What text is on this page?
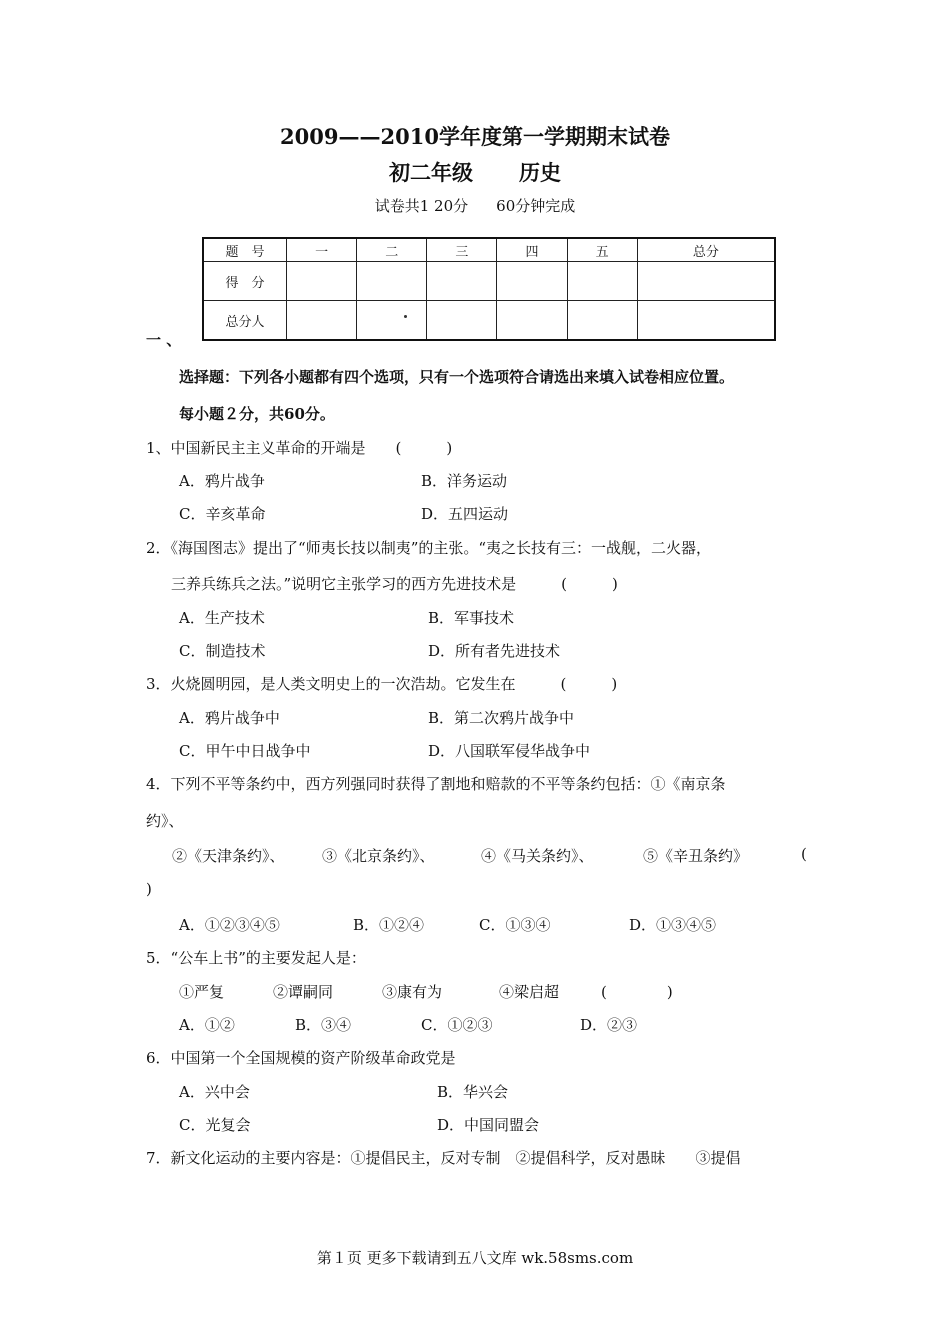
2009——2010学年度第一学期期末试卷
初二年级 历史
试卷共1 20分 60分钟完成
题　号	一	二	三	四	五	总分
得　分						
总分人						
一 、
选择题：下列各小题都有四个选项，只有一个选项符合请选出来填入试卷相应位置。
每小题２分，共60分。
1、中国新民主主义革命的开端是　　(　　　)
A．鸦片战争	B．洋务运动
C．辛亥革命	D．五四运动
2．《海国图志》提出了“师夷长技以制夷”的主张。“夷之长技有三：一战舰，二火器，
三养兵练兵之法。”说明它主张学习的西方先进技术是　　　(　　　)
A．生产技术	B．军事技术
C．制造技术	D．所有者先进技术
3．火烧圆明园，是人类文明史上的一次浩劫。它发生在　　　(　　　)
A．鸦片战争中	B．第二次鸦片战争中
C．甲午中日战争中	D．八国联军侵华战争中
4．下列不平等条约中，西方列强同时获得了割地和赔款的不平等条约包括：①《南京条
约》、
②《天津条约》、 ③《北京条约》、	④《马关条约》、	⑤《辛丑条约》	(
)
A．①②③④⑤	B．①②④	C．①③④	D．①③④⑤
5．“公车上书”的主要发起人是：
①严复	②谭嗣同	③康有为	④梁启超	(　　　　)
A．①②	B．③④	C．①②③	D．②③
6．中国第一个全国规模的资产阶级革命政党是
A．兴中会	B．华兴会
C．光复会	D．中国同盟会
7．新文化运动的主要内容是：①提倡民主，反对专制　②提倡科学，反对愚昧　　③提倡
第１页 更多下载请到五八文库 wk.58sms.com
